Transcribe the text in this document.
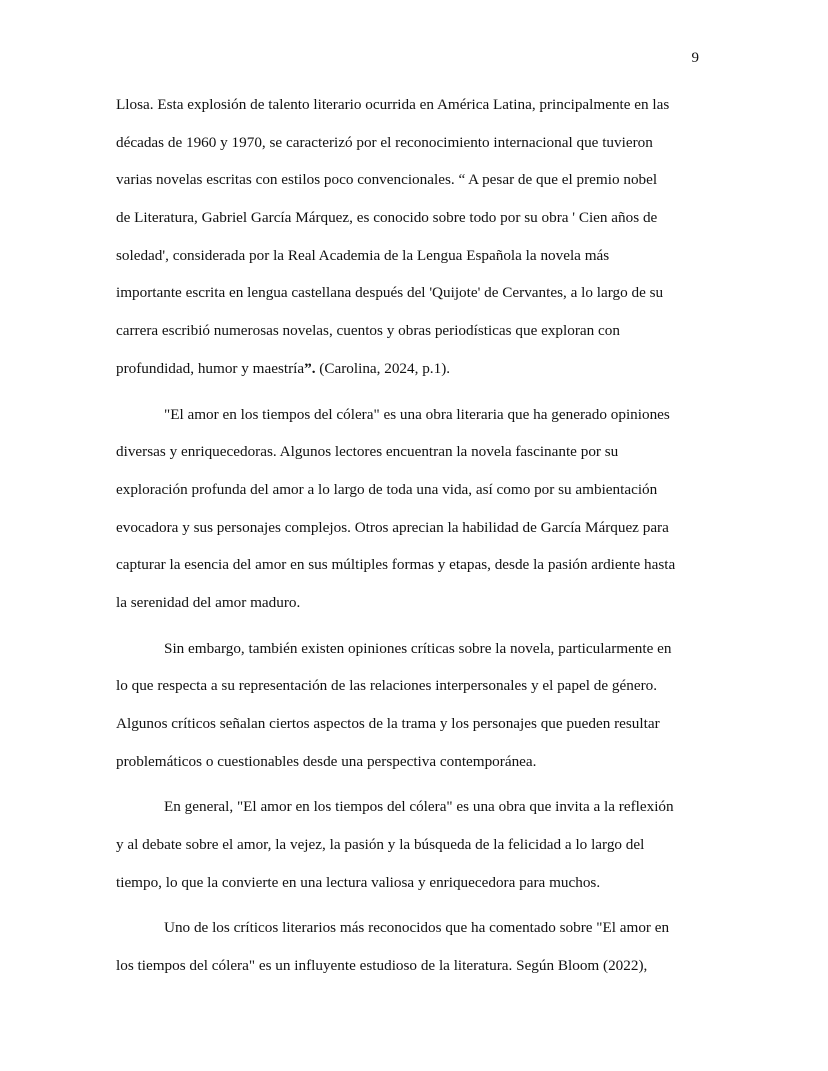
9
Llosa. Esta explosión de talento literario ocurrida en América Latina, principalmente en las
décadas de 1960 y 1970, se caracterizó por el reconocimiento internacional que tuvieron
varias novelas escritas con estilos poco convencionales. “ A pesar de que el premio nobel
de Literatura, Gabriel García Márquez, es conocido sobre todo por su obra ' Cien años de
soledad', considerada por la Real Academia de la Lengua Española la novela más
importante escrita en lengua castellana después del 'Quijote' de Cervantes, a lo largo de su
carrera escribió numerosas novelas, cuentos y obras periodísticas que exploran con
profundidad, humor y maestría”. (Carolina, 2024, p.1).
"El amor en los tiempos del cólera" es una obra literaria que ha generado opiniones
diversas y enriquecedoras. Algunos lectores encuentran la novela fascinante por su
exploración profunda del amor a lo largo de toda una vida, así como por su ambientación
evocadora y sus personajes complejos. Otros aprecian la habilidad de García Márquez para
capturar la esencia del amor en sus múltiples formas y etapas, desde la pasión ardiente hasta
la serenidad del amor maduro.
Sin embargo, también existen opiniones críticas sobre la novela, particularmente en
lo que respecta a su representación de las relaciones interpersonales y el papel de género.
Algunos críticos señalan ciertos aspectos de la trama y los personajes que pueden resultar
problemáticos o cuestionables desde una perspectiva contemporánea.
En general, "El amor en los tiempos del cólera" es una obra que invita a la reflexión
y al debate sobre el amor, la vejez, la pasión y la búsqueda de la felicidad a lo largo del
tiempo, lo que la convierte en una lectura valiosa y enriquecedora para muchos.
Uno de los críticos literarios más reconocidos que ha comentado sobre "El amor en
los tiempos del cólera" es un influyente estudioso de la literatura. Según Bloom (2022),
